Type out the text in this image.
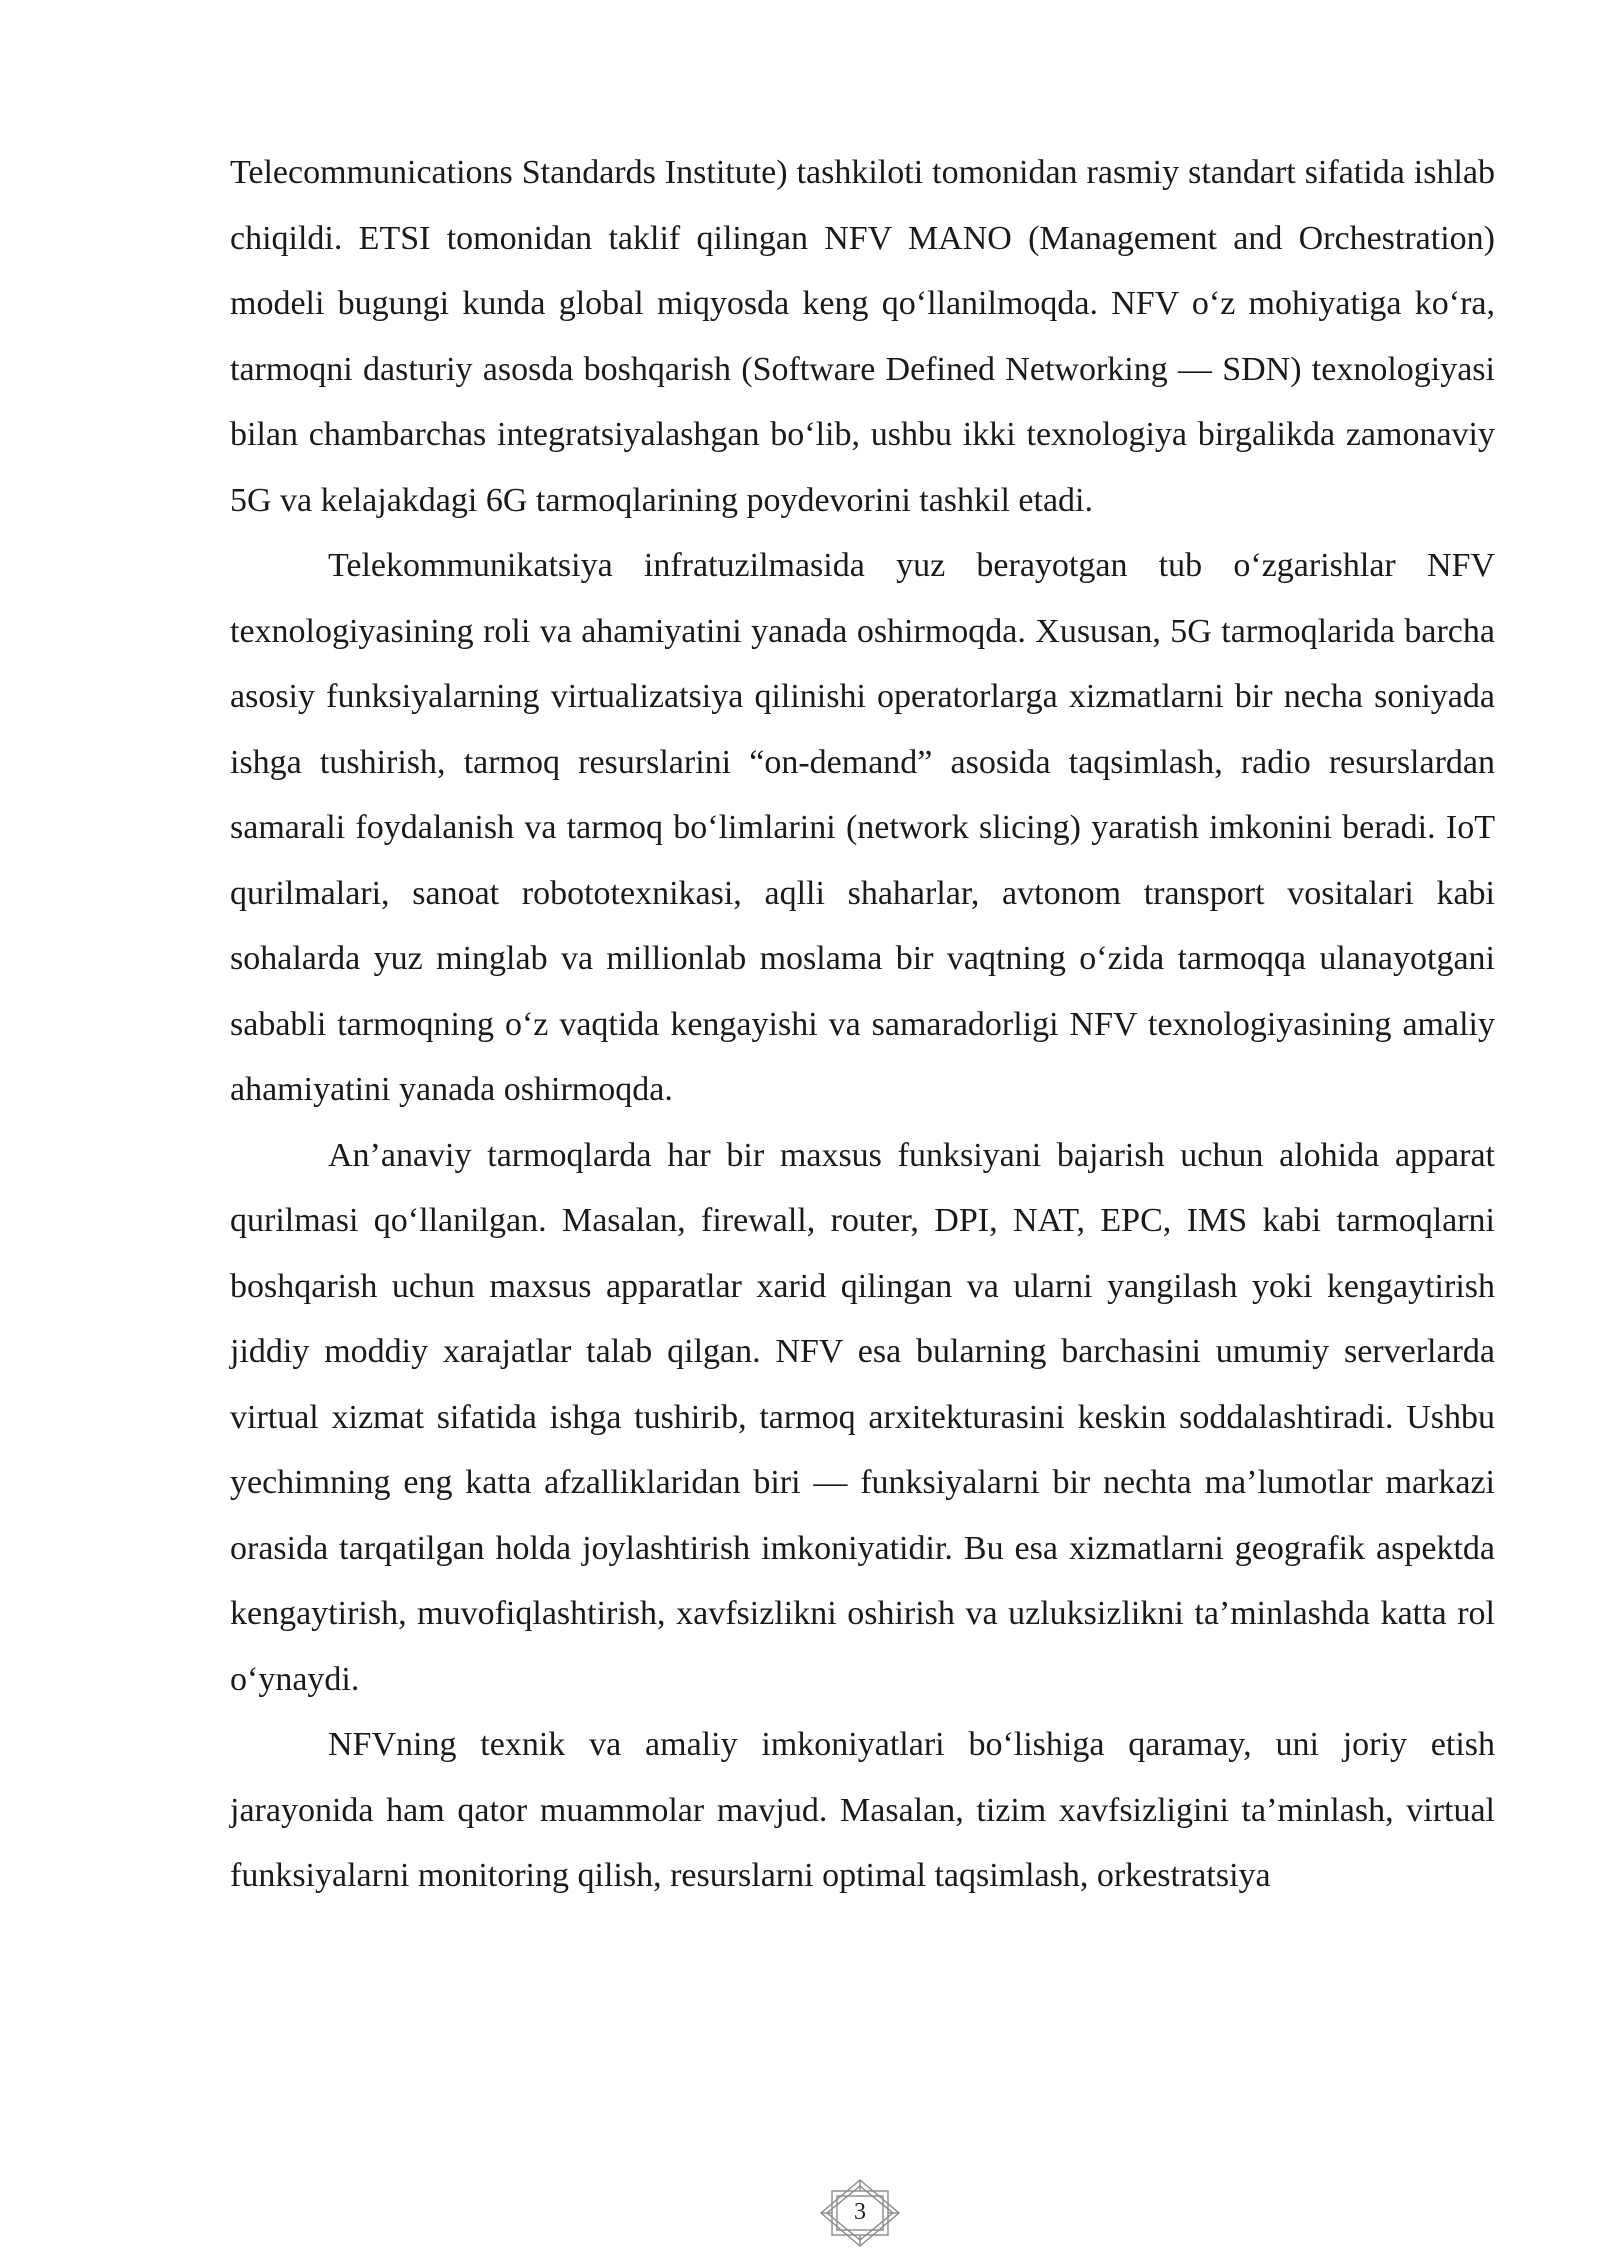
Telecommunications Standards Institute) tashkiloti tomonidan rasmiy standart sifatida ishlab chiqildi. ETSI tomonidan taklif qilingan NFV MANO (Management and Orchestration) modeli bugungi kunda global miqyosda keng qo‘llanilmoqda. NFV o‘z mohiyatiga ko‘ra, tarmoqni dasturiy asosda boshqarish (Software Defined Networking — SDN) texnologiyasi bilan chambarchas integratsiyalashgan bo‘lib, ushbu ikki texnologiya birgalikda zamonaviy 5G va kelajakdagi 6G tarmoqlarining poydevorini tashkil etadi.

Telekommunikatsiya infratuzilmasida yuz berayotgan tub o‘zgarishlar NFV texnologiyasining roli va ahamiyatini yanada oshirmoqda. Xususan, 5G tarmoqlarida barcha asosiy funksiyalarning virtualizatsiya qilinishi operatorlarga xizmatlarni bir necha soniyada ishga tushirish, tarmoq resurslarini “on-demand” asosida taqsimlash, radio resurslardan samarali foydalanish va tarmoq bo‘limlarini (network slicing) yaratish imkonini beradi. IoT qurilmalari, sanoat robototexnikasi, aqlli shaharlar, avtonom transport vositalari kabi sohalarda yuz minglab va millionlab moslama bir vaqtning o‘zida tarmoqqa ulanayotgani sababli tarmoqning o‘z vaqtida kengayishi va samaradorligi NFV texnologiyasining amaliy ahamiyatini yanada oshirmoqda.

An’anaviy tarmoqlarda har bir maxsus funksiyani bajarish uchun alohida apparat qurilmasi qo‘llanilgan. Masalan, firewall, router, DPI, NAT, EPC, IMS kabi tarmoqlarni boshqarish uchun maxsus apparatlar xarid qilingan va ularni yangilash yoki kengaytirish jiddiy moddiy xarajatlar talab qilgan. NFV esa bularning barchasini umumiy serverlarda virtual xizmat sifatida ishga tushirib, tarmoq arxitekturasini keskin soddalashtiradi. Ushbu yechimning eng katta afzalliklaridan biri — funksiyalarni bir nechta ma’lumotlar markazi orasida tarqatilgan holda joylashtirish imkoniyatidir. Bu esa xizmatlarni geografik aspektda kengaytirish, muvofiqlashtirish, xavfsizlikni oshirish va uzluksizlikni ta’minlashda katta rol o‘ynaydi.

NFVning texnik va amaliy imkoniyatlari bo‘lishiga qaramay, uni joriy etish jarayonida ham qator muammolar mavjud. Masalan, tizim xavfsizligini ta’minlash, virtual funksiyalarni monitoring qilish, resurslarni optimal taqsimlash, orkestratsiya

3
